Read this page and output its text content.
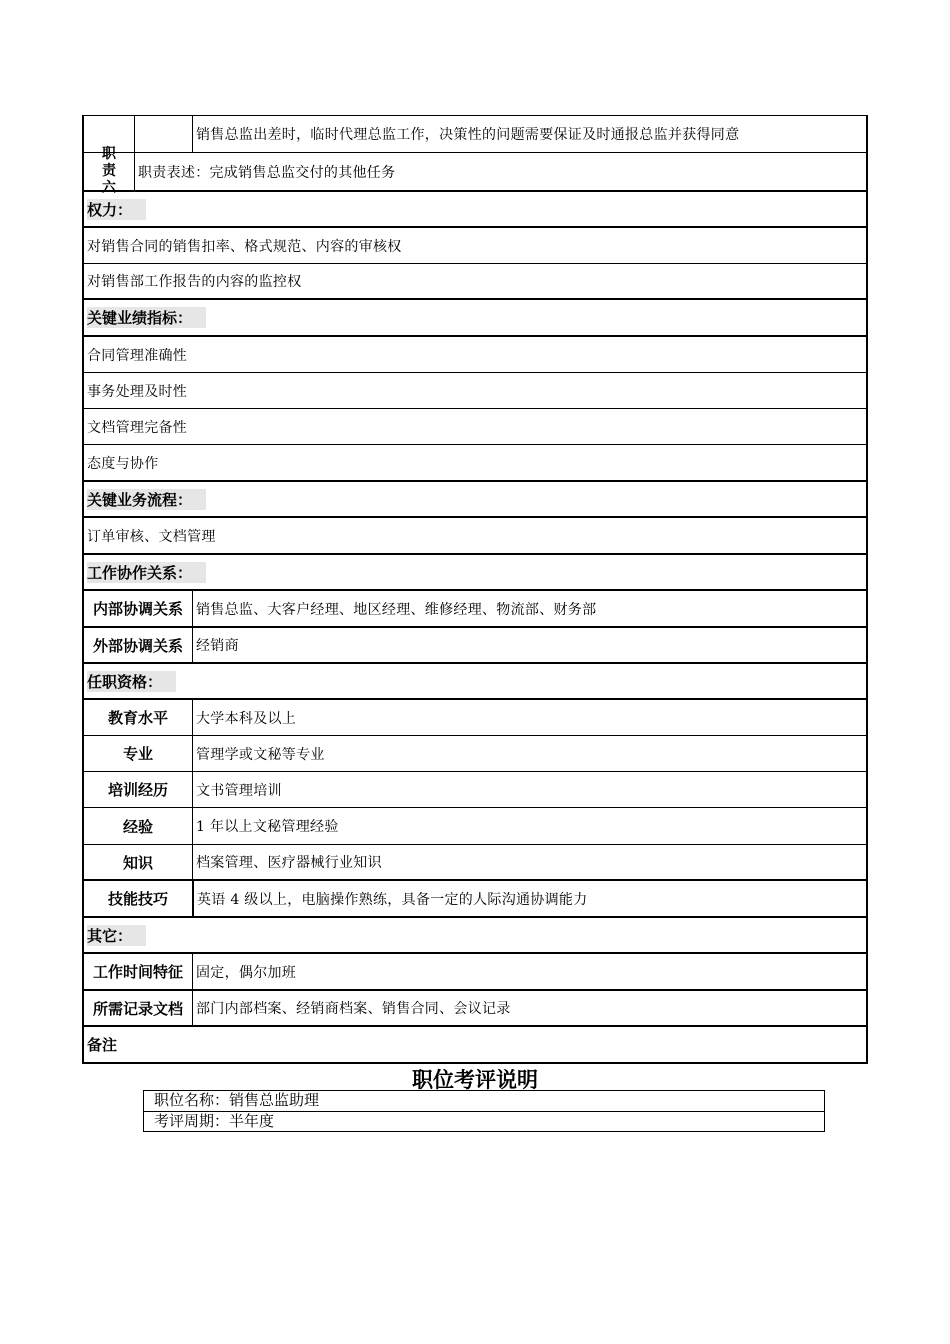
销售总监出差时，临时代理总监工作，决策性的问题需要保证及时通报总监并获得同意
职责六
职责表述：完成销售总监交付的其他任务
权力：
对销售合同的销售扣率、格式规范、内容的审核权
对销售部工作报告的内容的监控权
关键业绩指标：
合同管理准确性
事务处理及时性
文档管理完备性
态度与协作
关键业务流程：
订单审核、文档管理
工作协作关系：
内部协调关系 销售总监、大客户经理、地区经理、维修经理、物流部、财务部
外部协调关系 经销商
任职资格：
教育水平	大学本科及以上
专业	管理学或文秘等专业
培训经历	文书管理培训
经验	1 年以上文秘管理经验
知识	档案管理、医疗器械行业知识
技能技巧	英语 4 级以上，电脑操作熟练，具备一定的人际沟通协调能力
其它：
工作时间特征 固定，偶尔加班
所需记录文档 部门内部档案、经销商档案、销售合同、会议记录
备注
职位考评说明
职位名称：销售总监助理
考评周期：半年度
